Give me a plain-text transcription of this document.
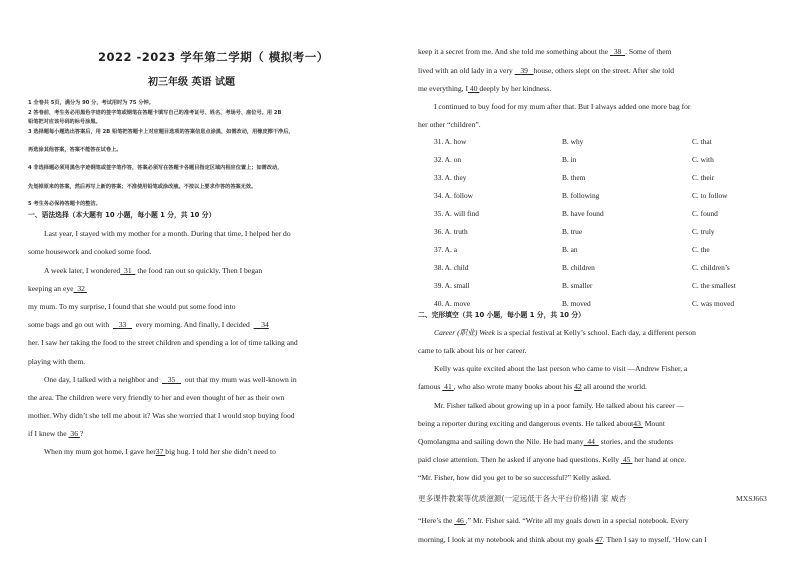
2022 -2023 学年第二学期（ 模拟考一）
初三年级 英语 试题
1 全卷共 5页，满分为 90 分，考试用时为 75 分钟。
2 答卷前，考生务必用黑色字迹的签字笔或钢笔在答题卡填写自己的准考证号、姓名、考场号、座位号。用 2B
铅笔把对应该号码的标号涂黑。
3 选择题每小题选出答案后，用 2B 铅笔把答题卡上对应题目选项的答案信息点涂黑，如需改动，用橡皮擦干净后，
再选涂其他答案，答案不能答在试卷上。
4 非选择题必须用黑色字迹钢笔或签字笔作答，答案必须写在答题卡各题目指定区域内相应位置上；如需改动，
先划掉原来的答案，然后再写上新的答案；不准使用铅笔或涂改液。不按以上要求作答的答案无效。
5 考生务必保持答题卡的整洁。
一、语法选择（本大题有 10 小题，每小题 1 分，共 10 分）
Last year, I stayed with my mother for a month. During that time, I helped her do
some housework and cooked some food.
A week later, I wondered 31   the food ran out so quickly. Then I began
keeping an eye 32
my mum. To my surprise, I found that she would put some food into
some bags and go out with 33 every morning. And finally, I decided 34
her. I saw her taking the food to the street children and spending a lot of time talking and
playing with them.
One day, I talked with a neighbor and 35 out that my mum was well-known in
the area. The children were very friendly to her and even thought of her as their own
mother. Why didn’t she tell me about it? Was she worried that I would stop buying food
if I knew the 36 ?
When my mum got home, I gave her37 big hug. I told her she didn’t need to
keep it a secret from me. And she told me something about the 38 . Some of them
lived with an old lady in a very 39 house, others slept on the street. After she told
me everything, I 40 deeply by her kindness.
I continued to buy food for my mum after that. But I always added one more bag for
her other “children”.
31. A. how	B. why	C. that
32. A. on	B. in	C. with
33. A. they	B. them	C. their
34. A. follow	B. following	C. to follow
35. A. will find	B. have found	C. found
36. A. truth	B. true	C. truly
37. A. a	B. an	C. the
38. A. child	B. children	C. children’s
39. A. small	B. smaller	C. the smallest
40. A. move	B. moved	C. was moved
二、完形填空（共 10 小题，每小题 1 分，共 10 分）
Career (职业) Week is a special festival at Kelly’s school. Each day, a different person
came to talk about his or her career.
Kelly was quite excited about the last person who came to visit —Andrew Fisher, a
famous 41 , who also wrote many books about his 42 all around the world.
Mr. Fisher talked about growing up in a poor family. He talked about his career —
being a reporter during exciting and dangerous events. He talked about43 Mount
Qomolangma and sailing down the Nile. He had many 44 stories, and the students
paid close attention. Then he asked if anyone had questions. Kelly 45 her hand at once.
“Mr. Fisher, how did you get to be so successful?” Kelly asked.
更多课件教案等优质滋源(一定远低于各大平台价格)请 家 威杏	MXSJ663
“Here’s the 46 ,” Mr. Fisher said. “Write all my goals down in a special notebook. Every
morning, I look at my notebook and think about my goals 47. Then I say to myself, ‘How can I
